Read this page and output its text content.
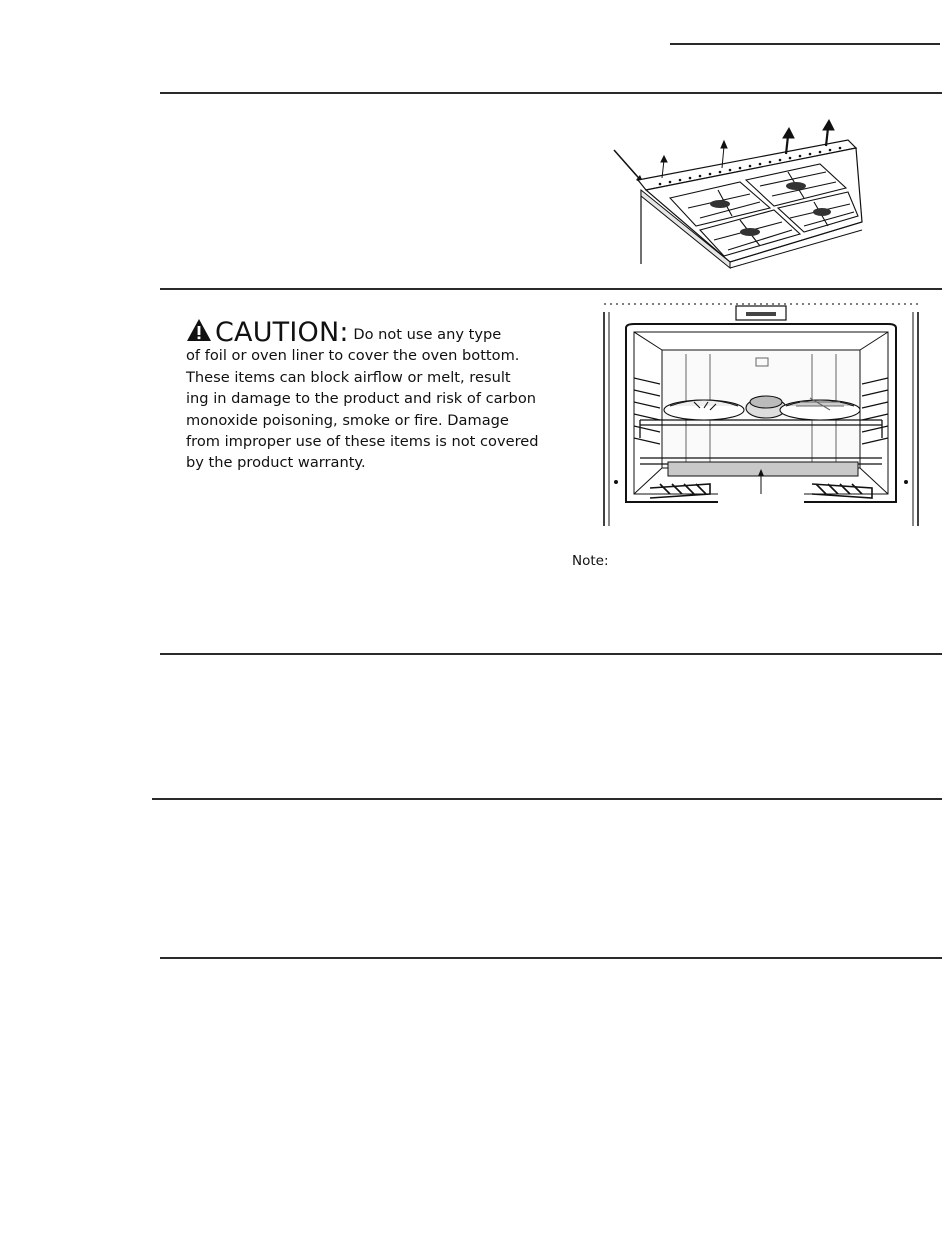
CAUTION: Do not use any type
of foil or oven liner to cover the oven bottom.
These items can block airflow or melt, result
ing in damage to the product and risk of carbon
monoxide poisoning, smoke or fire. Damage
from improper use of these items is not covered
by the product warranty.
Note:
